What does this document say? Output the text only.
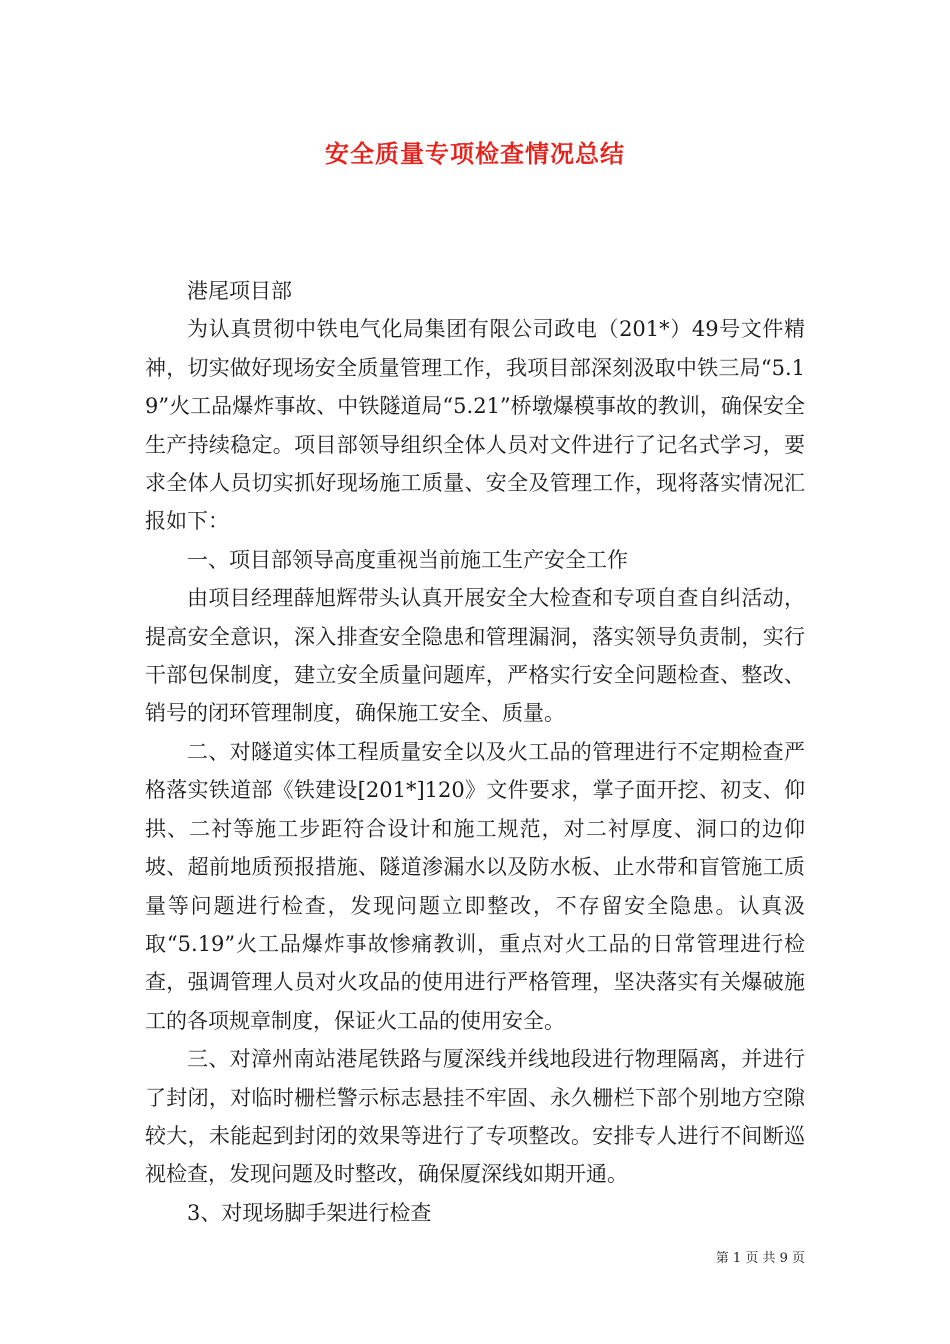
安全质量专项检查情况总结

港尾项目部

为认真贯彻中铁电气化局集团有限公司政电（201*）49号文件精神，切实做好现场安全质量管理工作，我项目部深刻汲取中铁三局“5.19”火工品爆炸事故、中铁隧道局“5.21”桥墩爆模事故的教训，确保安全生产持续稳定。项目部领导组织全体人员对文件进行了记名式学习，要求全体人员切实抓好现场施工质量、安全及管理工作，现将落实情况汇报如下：

一、项目部领导高度重视当前施工生产安全工作

由项目经理薛旭辉带头认真开展安全大检查和专项自查自纠活动，提高安全意识，深入排查安全隐患和管理漏洞，落实领导负责制，实行干部包保制度，建立安全质量问题库，严格实行安全问题检查、整改、销号的闭环管理制度，确保施工安全、质量。

二、对隧道实体工程质量安全以及火工品的管理进行不定期检查严格落实铁道部《铁建设[201*]120》文件要求，掌子面开挖、初支、仰拱、二衬等施工步距符合设计和施工规范，对二衬厚度、洞口的边仰坡、超前地质预报措施、隧道渗漏水以及防水板、止水带和盲管施工质量等问题进行检查，发现问题立即整改，不存留安全隐患。认真汲取“5.19”火工品爆炸事故惨痛教训，重点对火工品的日常管理进行检查，强调管理人员对火攻品的使用进行严格管理，坚决落实有关爆破施工的各项规章制度，保证火工品的使用安全。

三、对漳州南站港尾铁路与厦深线并线地段进行物理隔离，并进行了封闭，对临时栅栏警示标志悬挂不牢固、永久栅栏下部个别地方空隙较大，未能起到封闭的效果等进行了专项整改。安排专人进行不间断巡视检查，发现问题及时整改，确保厦深线如期开通。

3、对现场脚手架进行检查

第 1 页 共 9 页
